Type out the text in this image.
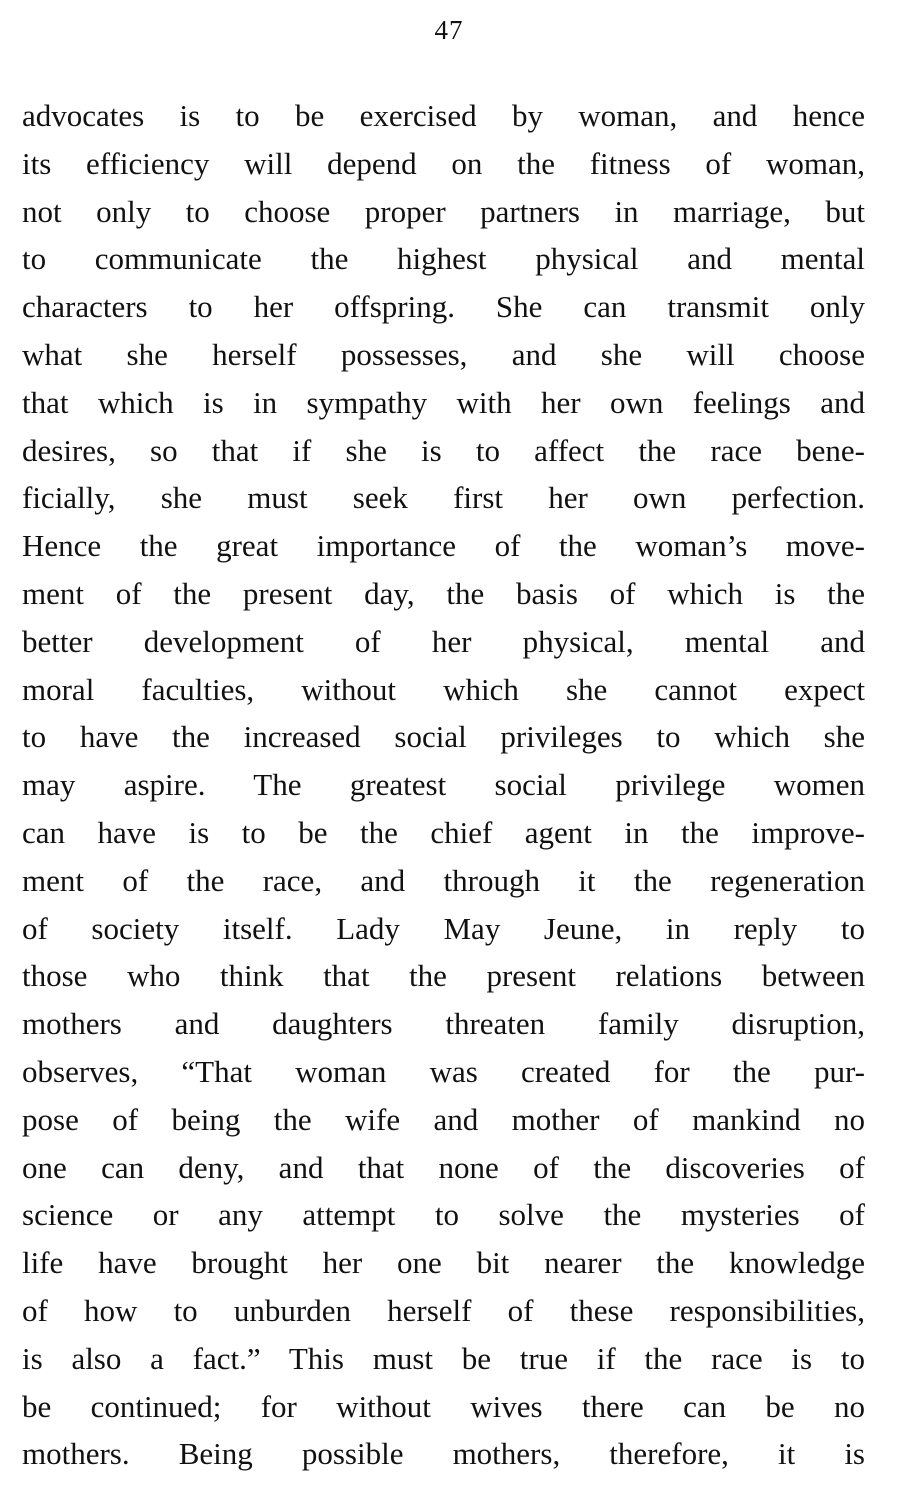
47
advocates is to be exercised by woman, and hence
its efficiency will depend on the fitness of woman,
not only to choose proper partners in marriage, but
to communicate the highest physical and mental
characters to her offspring. She can transmit only
what she herself possesses, and she will choose
that which is in sympathy with her own feelings and
desires, so that if she is to affect the race bene-
ficially, she must seek first her own perfection.
Hence the great importance of the woman’s move-
ment of the present day, the basis of which is the
better development of her physical, mental and
moral faculties, without which she cannot expect
to have the increased social privileges to which she
may aspire. The greatest social privilege women
can have is to be the chief agent in the improve-
ment of the race, and through it the regeneration
of society itself. Lady May Jeune, in reply to
those who think that the present relations between
mothers and daughters threaten family disruption,
observes, “That woman was created for the pur-
pose of being the wife and mother of mankind no
one can deny, and that none of the discoveries of
science or any attempt to solve the mysteries of
life have brought her one bit nearer the knowledge
of how to unburden herself of these responsibilities,
is also a fact.” This must be true if the race is to
be continued; for without wives there can be no
mothers. Being possible mothers, therefore, it is
